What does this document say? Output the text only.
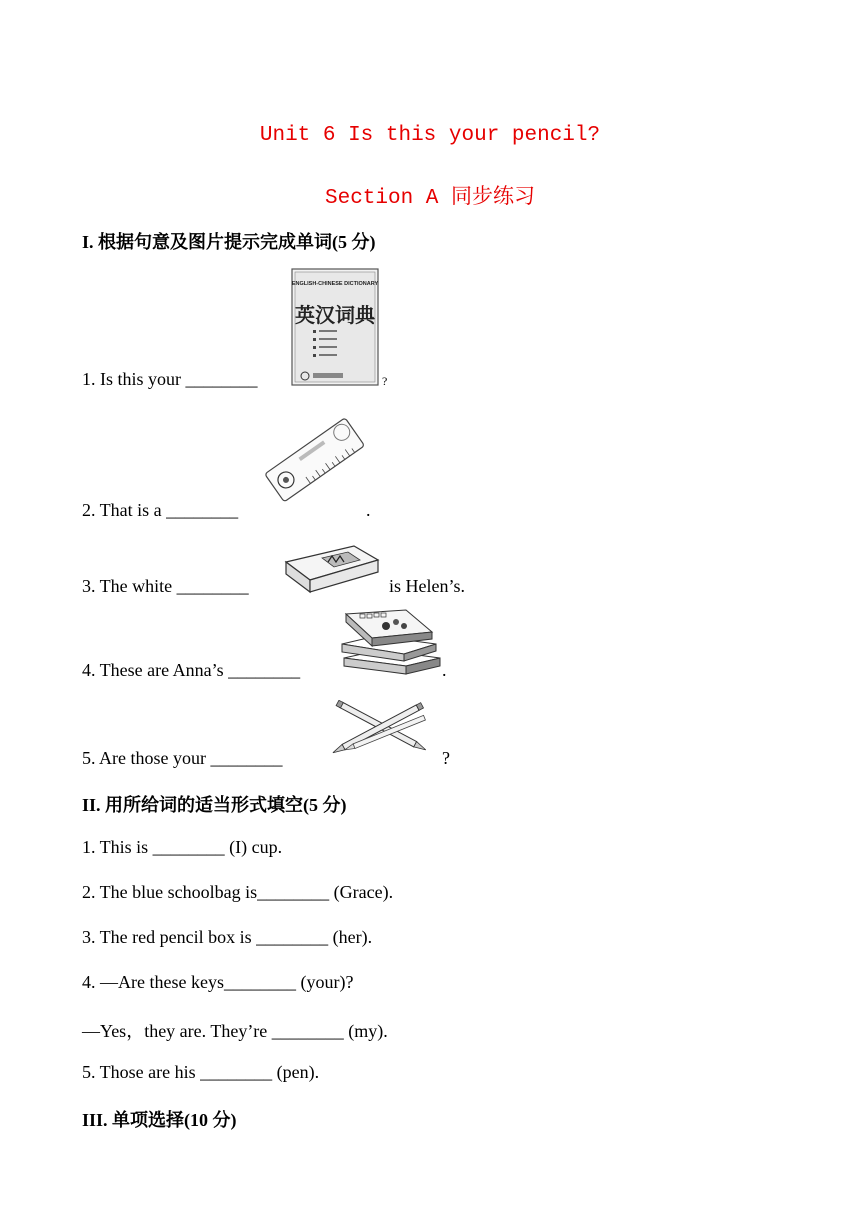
Unit 6 Is this your pencil?
Section A 同步练习
I. 根据句意及图片提示完成单词(5 分)
1. Is this your ________
ENGLISH-CHINESE DICTIONARY
英汉词典
?
2. That is a ________	.
3. The white ________	is Helen’s.
4. These are Anna’s ________	.
5. Are those your ________	?
II. 用所给词的适当形式填空(5 分)
1. This is ________ (I) cup.
2. The blue schoolbag is________ (Grace).
3. The red pencil box is ________ (her).
4. —Are these keys________ (your)?
—Yes，they are. They’re ________ (my).
5. Those are his ________ (pen).
III. 单项选择(10 分)
